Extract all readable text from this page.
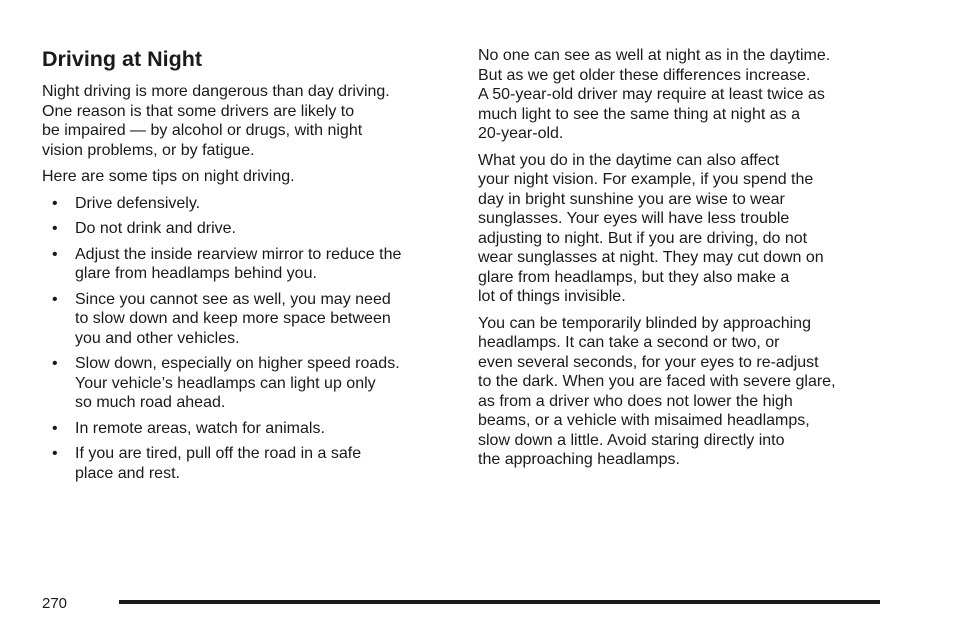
Driving at Night

Night driving is more dangerous than day driving.
One reason is that some drivers are likely to
be impaired — by alcohol or drugs, with night
vision problems, or by fatigue.

Here are some tips on night driving.

• Drive defensively.
• Do not drink and drive.
• Adjust the inside rearview mirror to reduce the
glare from headlamps behind you.
• Since you cannot see as well, you may need
to slow down and keep more space between
you and other vehicles.
• Slow down, especially on higher speed roads.
Your vehicle’s headlamps can light up only
so much road ahead.
• In remote areas, watch for animals.
• If you are tired, pull off the road in a safe
place and rest.

No one can see as well at night as in the daytime.
But as we get older these differences increase.
A 50-year-old driver may require at least twice as
much light to see the same thing at night as a
20-year-old.

What you do in the daytime can also affect
your night vision. For example, if you spend the
day in bright sunshine you are wise to wear
sunglasses. Your eyes will have less trouble
adjusting to night. But if you are driving, do not
wear sunglasses at night. They may cut down on
glare from headlamps, but they also make a
lot of things invisible.

You can be temporarily blinded by approaching
headlamps. It can take a second or two, or
even several seconds, for your eyes to re-adjust
to the dark. When you are faced with severe glare,
as from a driver who does not lower the high
beams, or a vehicle with misaimed headlamps,
slow down a little. Avoid staring directly into
the approaching headlamps.

270
